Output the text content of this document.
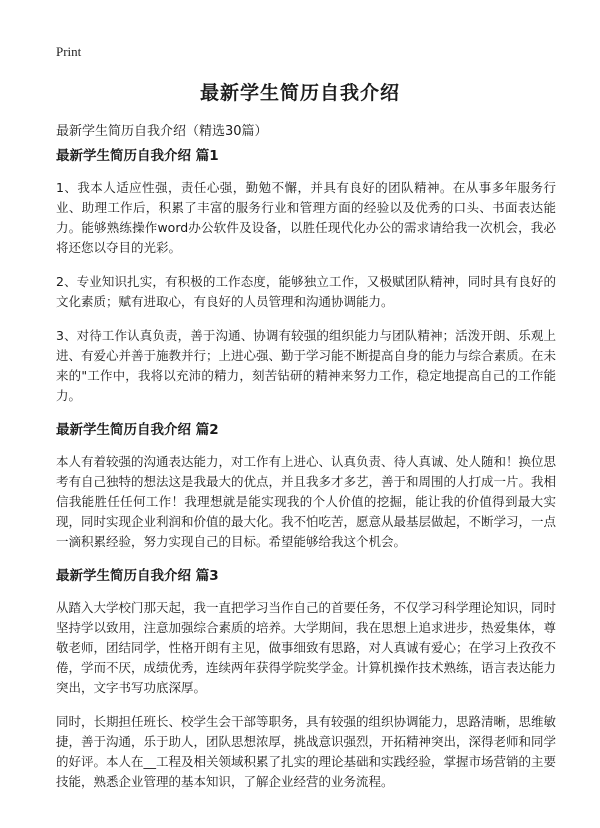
Print
最新学生简历自我介绍
最新学生简历自我介绍（精选30篇）
最新学生简历自我介绍 篇1

1、我本人适应性强，责任心强，勤勉不懈，并具有良好的团队精神。在从事多年服务行业、助理工作后，积累了丰富的服务行业和管理方面的经验以及优秀的口头、书面表达能力。能够熟练操作word办公软件及设备，以胜任现代化办公的需求请给我一次机会，我必将还您以夺目的光彩。

2、专业知识扎实，有积极的工作态度，能够独立工作，又极赋团队精神，同时具有良好的文化素质；赋有进取心，有良好的人员管理和沟通协调能力。

3、对待工作认真负责，善于沟通、协调有较强的组织能力与团队精神；活泼开朗、乐观上进、有爱心并善于施教并行；上进心强、勤于学习能不断提高自身的能力与综合素质。在未来的"工作中，我将以充沛的精力，刻苦钻研的精神来努力工作，稳定地提高自己的工作能力。

最新学生简历自我介绍 篇2

本人有着较强的沟通表达能力，对工作有上进心、认真负责、待人真诚、处人随和！换位思考有自己独特的想法这是我最大的优点，并且我多才多艺，善于和周围的人打成一片。我相信我能胜任任何工作！我理想就是能实现我的个人价值的挖掘，能让我的价值得到最大实现，同时实现企业利润和价值的最大化。我不怕吃苦，愿意从最基层做起，不断学习，一点一滴积累经验，努力实现自己的目标。希望能够给我这个机会。

最新学生简历自我介绍 篇3

从踏入大学校门那天起，我一直把学习当作自己的首要任务，不仅学习科学理论知识，同时坚持学以致用，注意加强综合素质的培养。大学期间，我在思想上追求进步，热爱集体，尊敬老师，团结同学，性格开朗有主见，做事细致有思路，对人真诚有爱心；在学习上孜孜不倦，学而不厌，成绩优秀，连续两年获得学院奖学金。计算机操作技术熟练，语言表达能力突出，文字书写功底深厚。

同时，长期担任班长、校学生会干部等职务，具有较强的组织协调能力，思路清晰，思维敏捷，善于沟通，乐于助人，团队思想浓厚，挑战意识强烈，开拓精神突出，深得老师和同学的好评。本人在__工程及相关领域积累了扎实的理论基础和实践经验，掌握市场营销的主要技能，熟悉企业管理的基本知识，了解企业经营的业务流程。
